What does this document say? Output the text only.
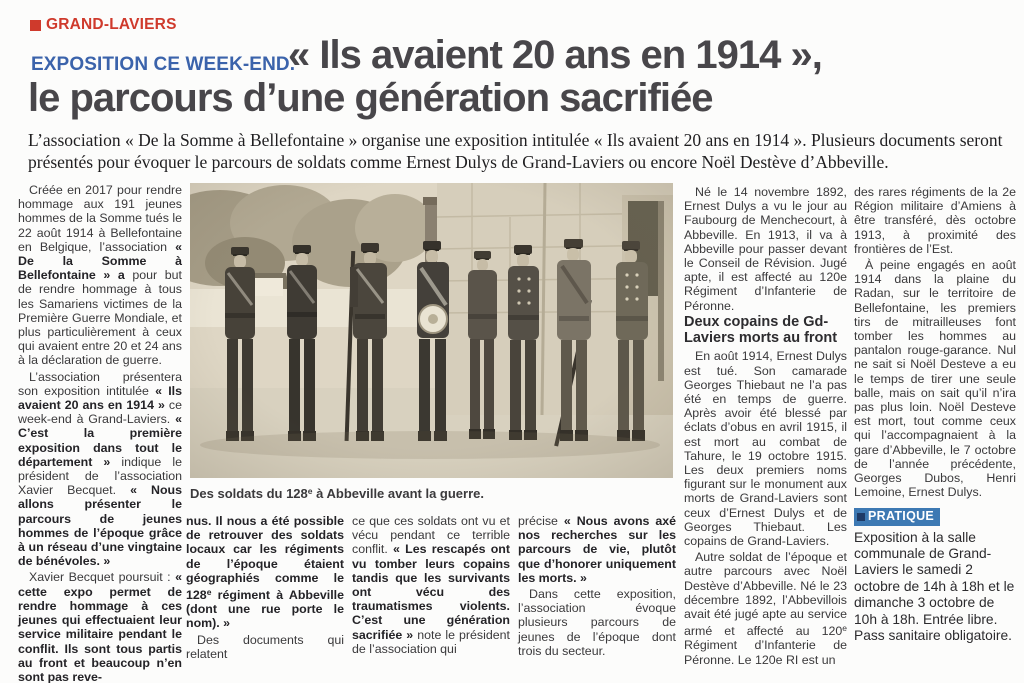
GRAND-LAVIERS
EXPOSITION CE WEEK-END.
« Ils avaient 20 ans en 1914 »,
le parcours d’une génération sacrifiée
L’association « De la Somme à Bellefontaine » organise une exposition intitulée « Ils avaient 20 ans en 1914 ». Plusieurs documents seront présentés pour évoquer le parcours de soldats comme Ernest Dulys de Grand-Laviers ou encore Noël Destève d’Abbeville.
Créée en 2017 pour rendre hommage aux 191 jeunes hommes de la Somme tués le 22 août 1914 à Bellefontaine en Belgique, l’association « De la Somme à Bellefontaine » a pour but de rendre hommage à tous les Samariens victimes de la Première Guerre Mondiale, et plus particulièrement à ceux qui avaient entre 20 et 24 ans à la déclaration de guerre.
L’association présentera son exposition intitulée « Ils avaient 20 ans en 1914 » ce week-end à Grand-Laviers. « C’est la première exposition dans tout le département » indique le président de l’association Xavier Becquet. « Nous allons présenter le parcours de jeunes hommes de l’époque grâce à un réseau d’une vingtaine de bénévoles. »
Xavier Becquet poursuit : « cette expo permet de rendre hommage à ces jeunes qui effectuaient leur service militaire pendant le conflit. Ils sont tous partis au front et beaucoup n’en sont pas reve-
Des soldats du 128e à Abbeville avant la guerre.
nus. Il nous a été possible de retrouver des soldats locaux car les régiments de l’époque étaient géographiés comme le 128e régiment à Abbeville (dont une rue porte le nom). »
Des documents qui relatent
ce que ces soldats ont vu et vécu pendant ce terrible conflit. « Les rescapés ont vu tomber leurs copains tandis que les survivants ont vécu des traumatismes violents. C’est une génération sacrifiée » note le président de l’association qui
précise « Nous avons axé nos recherches sur les parcours de vie, plutôt que d’honorer uniquement les morts. »
Dans cette exposition, l’association évoque plusieurs parcours de jeunes de l’époque dont trois du secteur.
Né le 14 novembre 1892, Ernest Dulys a vu le jour au Faubourg de Menchecourt, à Abbeville. En 1913, il va à Abbeville pour passer devant le Conseil de Révision. Jugé apte, il est affecté au 120e Régiment d’Infanterie de Péronne.
Deux copains de Gd-Laviers morts au front
En août 1914, Ernest Dulys est tué. Son camarade Georges Thiebaut ne l’a pas été en temps de guerre. Après avoir été blessé par éclats d’obus en avril 1915, il est mort au combat de Tahure, le 19 octobre 1915. Les deux premiers noms figurant sur le monument aux morts de Grand-Laviers sont ceux d’Ernest Dulys et de Georges Thiebaut. Les copains de Grand-Laviers.
Autre soldat de l’époque et autre parcours avec Noël Destève d’Abbeville. Né le 23 décembre 1892, l’Abbevillois avait été jugé apte au service armé et affecté au 120e Régiment d’Infanterie de Péronne. Le 120e RI est un
des rares régiments de la 2e Région militaire d’Amiens à être transféré, dès octobre 1913, à proximité des frontières de l’Est.
À peine engagés en août 1914 dans la plaine du Radan, sur le territoire de Bellefontaine, les premiers tirs de mitrailleuses font tomber les hommes au pantalon rouge-garance. Nul ne sait si Noël Desteve a eu le temps de tirer une seule balle, mais on sait qu’il n’ira pas plus loin. Noël Desteve est mort, tout comme ceux qui l’accompagnaient à la gare d’Abbeville, le 7 octobre de l’année précédente, Georges Dubos, Henri Lemoine, Ernest Dulys.
PRATIQUE
Exposition à la salle communale de Grand-Laviers le samedi 2 octobre de 14h à 18h et le dimanche 3 octobre de 10h à 18h. Entrée libre. Pass sanitaire obligatoire.
